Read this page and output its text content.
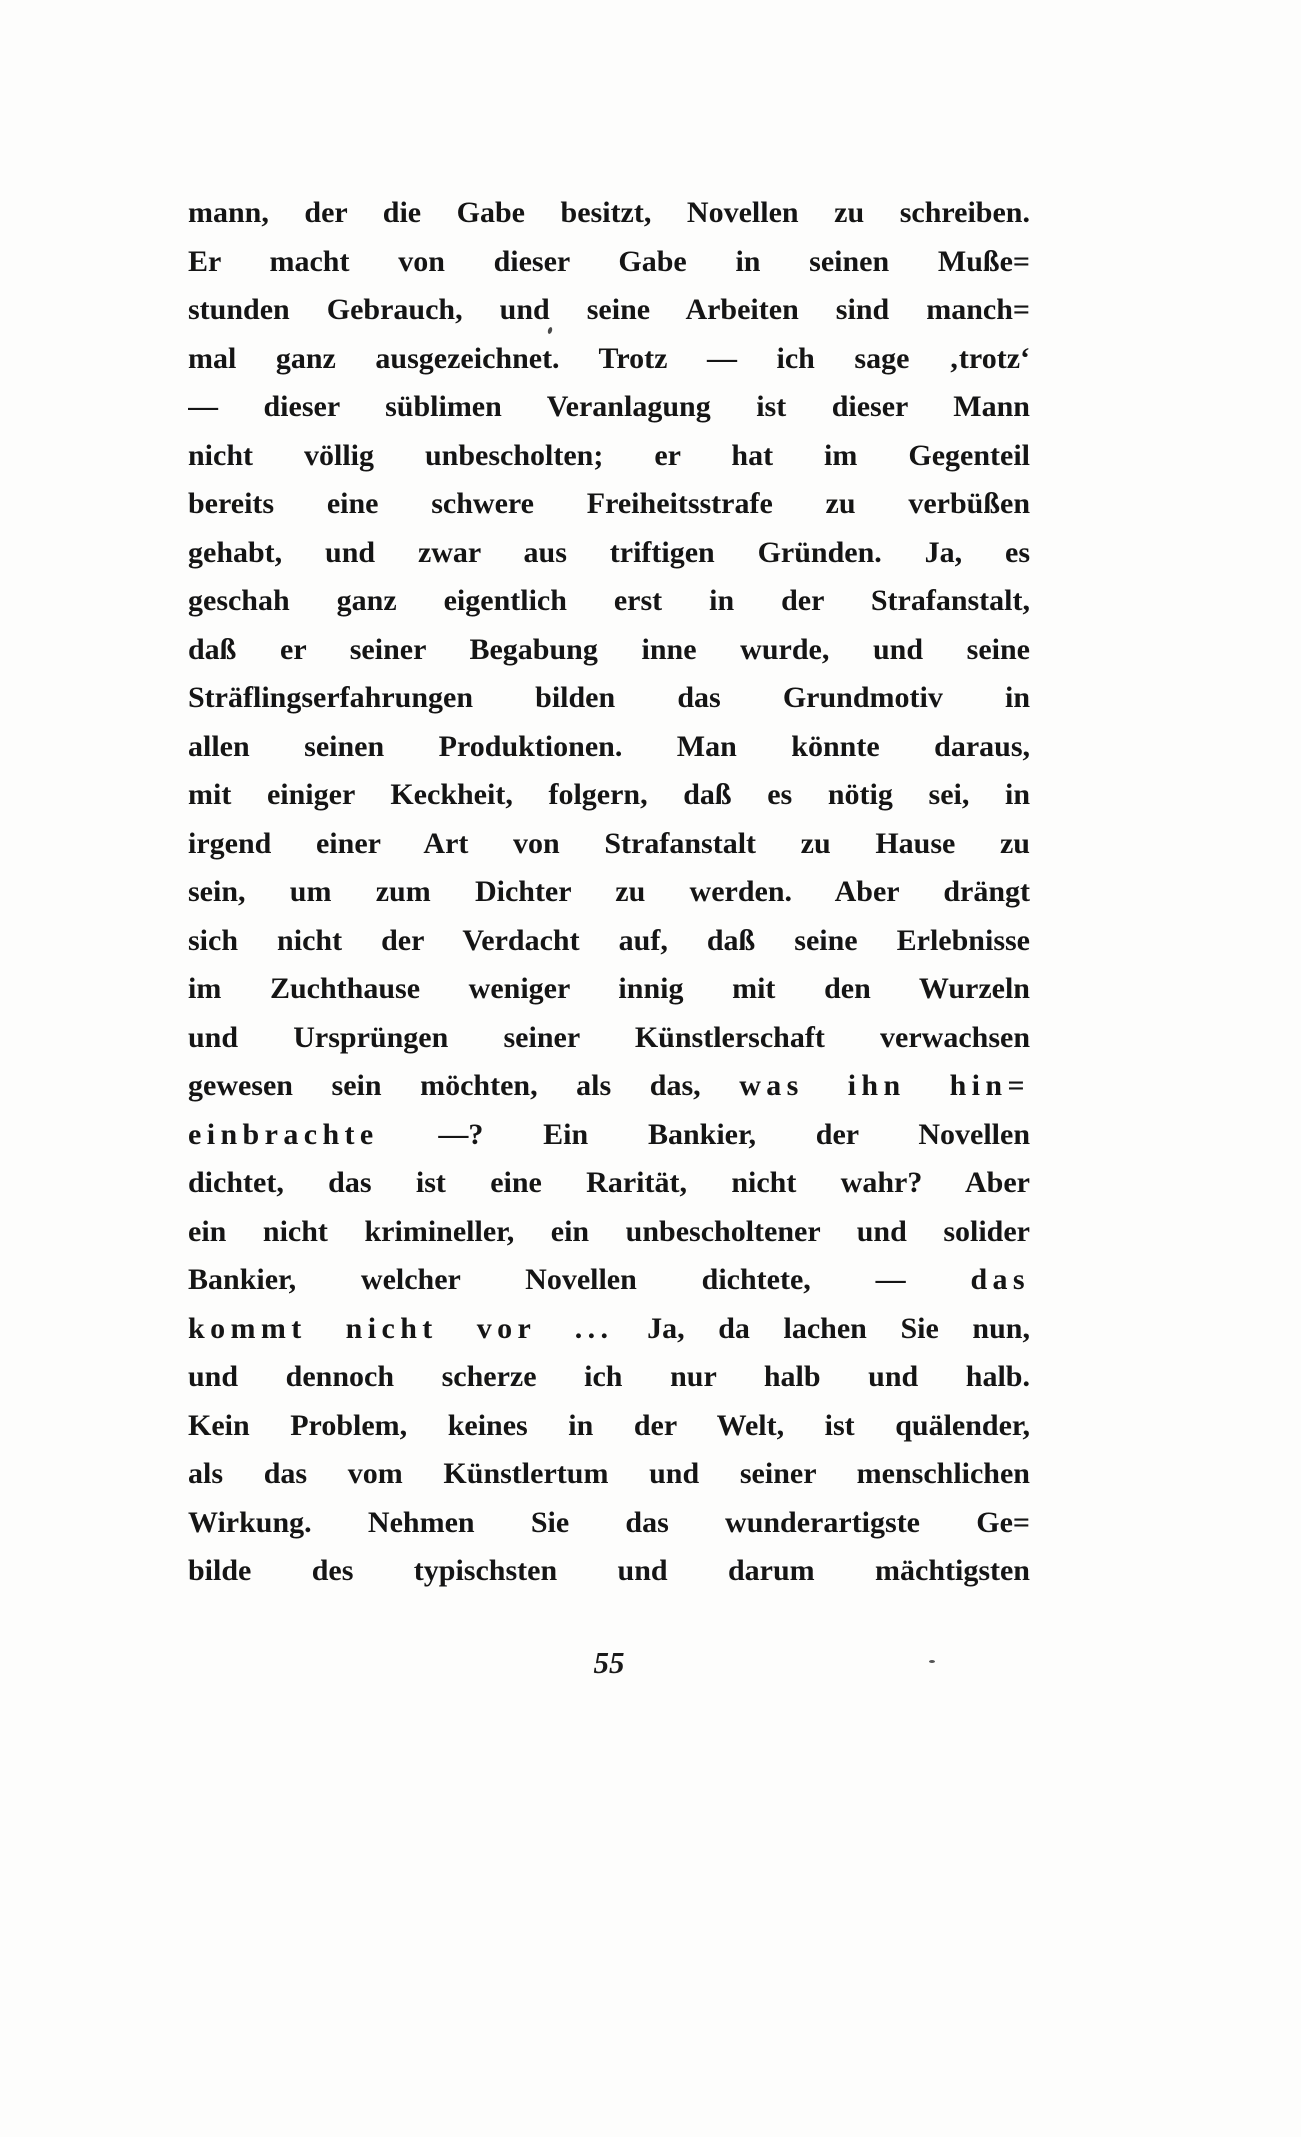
mann, der die Gabe besitzt, Novellen zu schreiben.
Er macht von dieser Gabe in seinen Muße=
stunden Gebrauch, und seine Arbeiten sind manch=
mal ganz ausgezeichnet. Trotz — ich sage ‚trotz‘
— dieser süblimen Veranlagung ist dieser Mann
nicht völlig unbescholten; er hat im Gegenteil
bereits eine schwere Freiheitsstrafe zu verbüßen
gehabt, und zwar aus triftigen Gründen. Ja, es
geschah ganz eigentlich erst in der Strafanstalt,
daß er seiner Begabung inne wurde, und seine
Sträflingserfahrungen bilden das Grundmotiv in
allen seinen Produktionen. Man könnte daraus,
mit einiger Keckheit, folgern, daß es nötig sei, in
irgend einer Art von Strafanstalt zu Hause zu
sein, um zum Dichter zu werden. Aber drängt
sich nicht der Verdacht auf, daß seine Erlebnisse
im Zuchthause weniger innig mit den Wurzeln
und Ursprüngen seiner Künstlerschaft verwachsen
gewesen sein möchten, als das, was ihn hin=
einbrachte —? Ein Bankier, der Novellen
dichtet, das ist eine Rarität, nicht wahr? Aber
ein nicht krimineller, ein unbescholtener und solider
Bankier, welcher Novellen dichtete, — das
kommt nicht vor ... Ja, da lachen Sie nun,
und dennoch scherze ich nur halb und halb.
Kein Problem, keines in der Welt, ist quälender,
als das vom Künstlertum und seiner menschlichen
Wirkung. Nehmen Sie das wunderartigste Ge=
bilde des typischsten und darum mächtigsten
55
